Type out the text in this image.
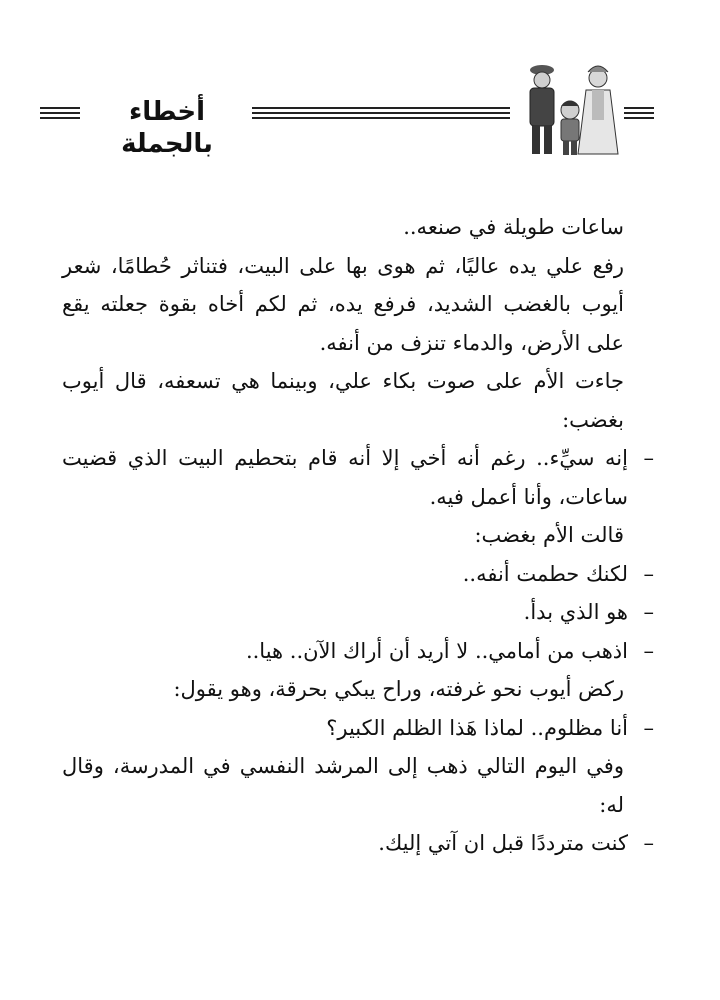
أخطاء بالجملة

ساعات طويلة في صنعه..

رفع علي يده عاليًا، ثم هوى بها على البيت، فتناثر حُطامًا، شعر أيوب بالغضب الشديد، فرفع يده، ثم لكم أخاه بقوة جعلته يقع على الأرض، والدماء تنزف من أنفه.

جاءت الأم على صوت بكاء علي، وبينما هي تسعفه، قال أيوب بغضب:

–
إنه سيِّء.. رغم أنه أخي إلا أنه قام بتحطيم البيت الذي قضيت ساعات، وأنا أعمل فيه.

قالت الأم بغضب:

–
لكنك حطمت أنفه..
–
هو الذي بدأ.
–
اذهب من أمامي.. لا أريد أن أراك الآن.. هيا..

ركض أيوب نحو غرفته، وراح يبكي بحرقة، وهو يقول:

–
أنا مظلوم.. لماذا هَذا الظلم الكبير؟

وفي اليوم التالي ذهب إلى المرشد النفسي في المدرسة، وقال له:

–
كنت مترددًا قبل ان آتي إليك.
